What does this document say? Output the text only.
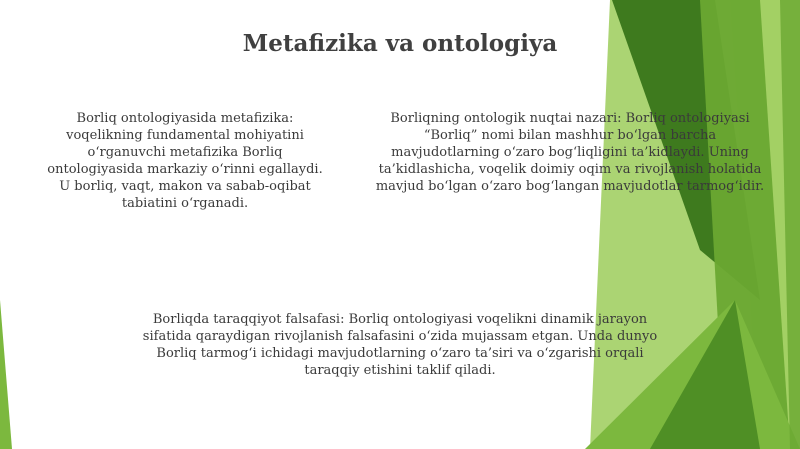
Metafizika va ontologiya
Borliq ontologiyasida metafizika:
voqelikning fundamental mohiyatini
o‘rganuvchi metafizika Borliq
ontologiyasida markaziy o‘rinni egallaydi.
U borliq, vaqt, makon va sabab-oqibat
tabiatini o‘rganadi.
Borliqning ontologik nuqtai nazari: Borliq ontologiyasi
“Borliq” nomi bilan mashhur bo‘lgan barcha
mavjudotlarning o‘zaro bog‘liqligini ta’kidlaydi. Uning
ta’kidlashicha, voqelik doimiy oqim va rivojlanish holatida
mavjud bo‘lgan o‘zaro bog‘langan mavjudotlar tarmog‘idir.
Borliqda taraqqiyot falsafasi: Borliq ontologiyasi voqelikni dinamik jarayon
sifatida qaraydigan rivojlanish falsafasini o‘zida mujassam etgan. Unda dunyo
Borliq tarmog‘i ichidagi mavjudotlarning o‘zaro ta’siri va o‘zgarishi orqali
taraqqiy etishini taklif qiladi.
